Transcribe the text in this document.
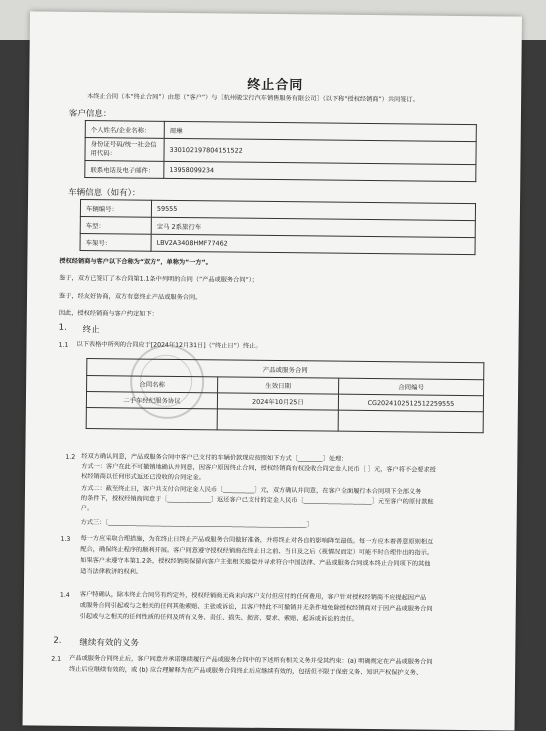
终止合同
本终止合同（本“终止合同”）由您（“客户”）与［杭州骏宝行汽车销售服务有限公司］（以下称“授权经销商”）共同签订。
客户信息：
个人姓名/企业名称：	周琳
身份证号码/统一社会信用代码：	330102197804151522
联系电话及电子邮件：	13958099234
车辆信息（如有）：
车辆编号：	59555
车型：	宝马 2系旅行车
车架号：	LBV2A3408HMF77462
授权经销商与客户以下合称为“双方”，单称为“一方”。
鉴于，双方已签订了本合同第1.1条中列明的合同（“产品或服务合同”）；
鉴于，经友好协商，双方有意终止产品或服务合同。
因此，授权经销商与客户约定如下：
1. 终止
1.1 以下表格中所列的合同应于[2024年12月31日]（“终止日”）终止。
产品或服务合同		
合同名称	生效日期	合同编号
二手车经纪服务协议	2024年10月25日	CG2024102512512259555

1.2 经双方确认同意，产品或服务合同中客户已支付的车辆价款现应按照如下方式［________］处理：
方式一：客户在此不可撤销地确认并同意，因客户原因终止合同，授权经销商有权没收合同定金人民币［ ］元，客户将不会要求授
权经销商以任何形式返还已没收的合同定金。
方式二：截至终止日，客户共支付合同定金人民币［__________］元，双方确认并同意，在客户全面履行本合同项下全部义务
的条件下，授权经销商同意于［______________］返还客户已支付的定金人民币［______________________］元至客户的原付款账
户。
方式三：［________________________________________________________________］
1.3 每一方应采取合理措施，为在终止日终止产品或服务合同做好准备，并将终止对各自的影响降至最低。每一方应本着善意原则相互
配合，确保终止程序的顺利开展。客户同意遵守授权经销商在终止日之前、当日及之后（视情况而定）可能不时合理作出的指示。
如果客户未遵守本第1.2条，授权经销商保留向客户主张相关赔偿并寻求符合中国法律、产品或服务合同或本终止合同项下的其他
适当法律救济的权利。
1.4 客户特确认，除本终止合同另有约定外，授权经销商无尚未向客户支付但应付的任何费用，客户针对授权经销商不应提起因产品
或服务合同引起或与之相关的任何其他索赔、主张或诉讼，且客户特此不可撤销并无条件地免除授权经销商对于因产品或服务合同
引起或与之相关的任何性质的任何及所有义务、责任、损失、损害、要求、索赔、起诉或诉讼的责任。
2. 继续有效的义务
2.1 产品或服务合同终止后，客户同意并承诺继续履行产品或服务合同中的下述所有相关义务并受其约束：(a) 明确规定在产品或服务合同
终止后应继续有效的，或 (b) 应合理解释为在产品或服务合同终止后应继续有效的，包括但不限于保密义务、知识产权保护义务、
